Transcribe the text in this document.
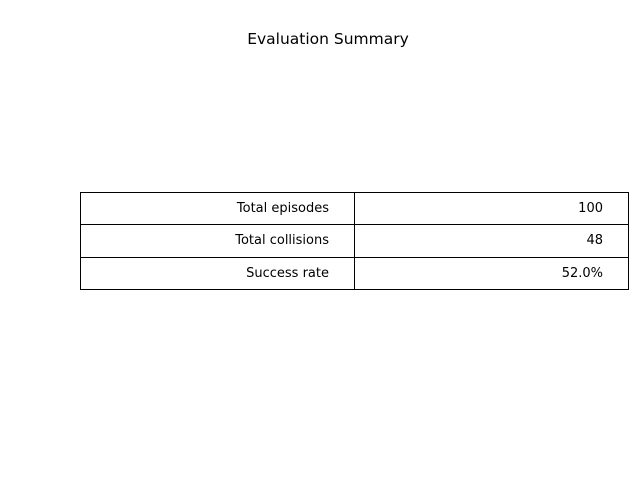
Evaluation Summary
Total episodes	100
Total collisions	48
Success rate	52.0%
